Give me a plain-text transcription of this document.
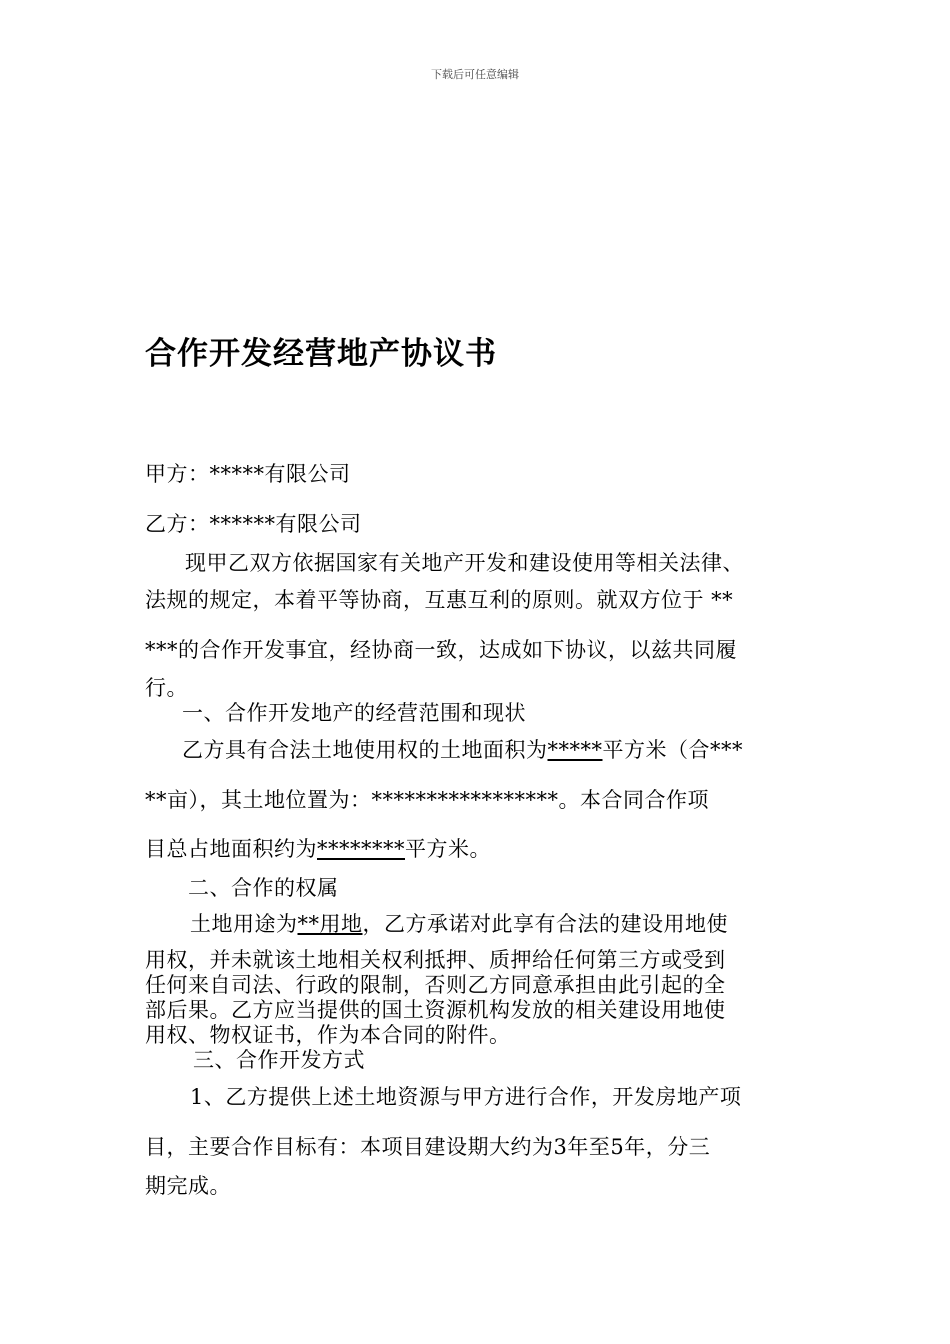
下载后可任意编辑
合作开发经营地产协议书
甲方：*****有限公司
乙方：******有限公司
现甲乙双方依据国家有关地产开发和建设使用等相关法律、
法规的规定，本着平等协商，互惠互利的原则。就双方位于 **
***的合作开发事宜，经协商一致，达成如下协议，以兹共同履
行。
一、合作开发地产的经营范围和现状
乙方具有合法土地使用权的土地面积为*****平方米（合***
**亩），其土地位置为：*****************。本合同合作项
目总占地面积约为********平方米。
二、合作的权属
土地用途为**用地，乙方承诺对此享有合法的建设用地使
用权，并未就该土地相关权利抵押、质押给任何第三方或受到
任何来自司法、行政的限制，否则乙方同意承担由此引起的全
部后果。乙方应当提供的国土资源机构发放的相关建设用地使
用权、物权证书，作为本合同的附件。
三、合作开发方式
1、乙方提供上述土地资源与甲方进行合作，开发房地产项
目，主要合作目标有：本项目建设期大约为3年至5年，分三
期完成。
